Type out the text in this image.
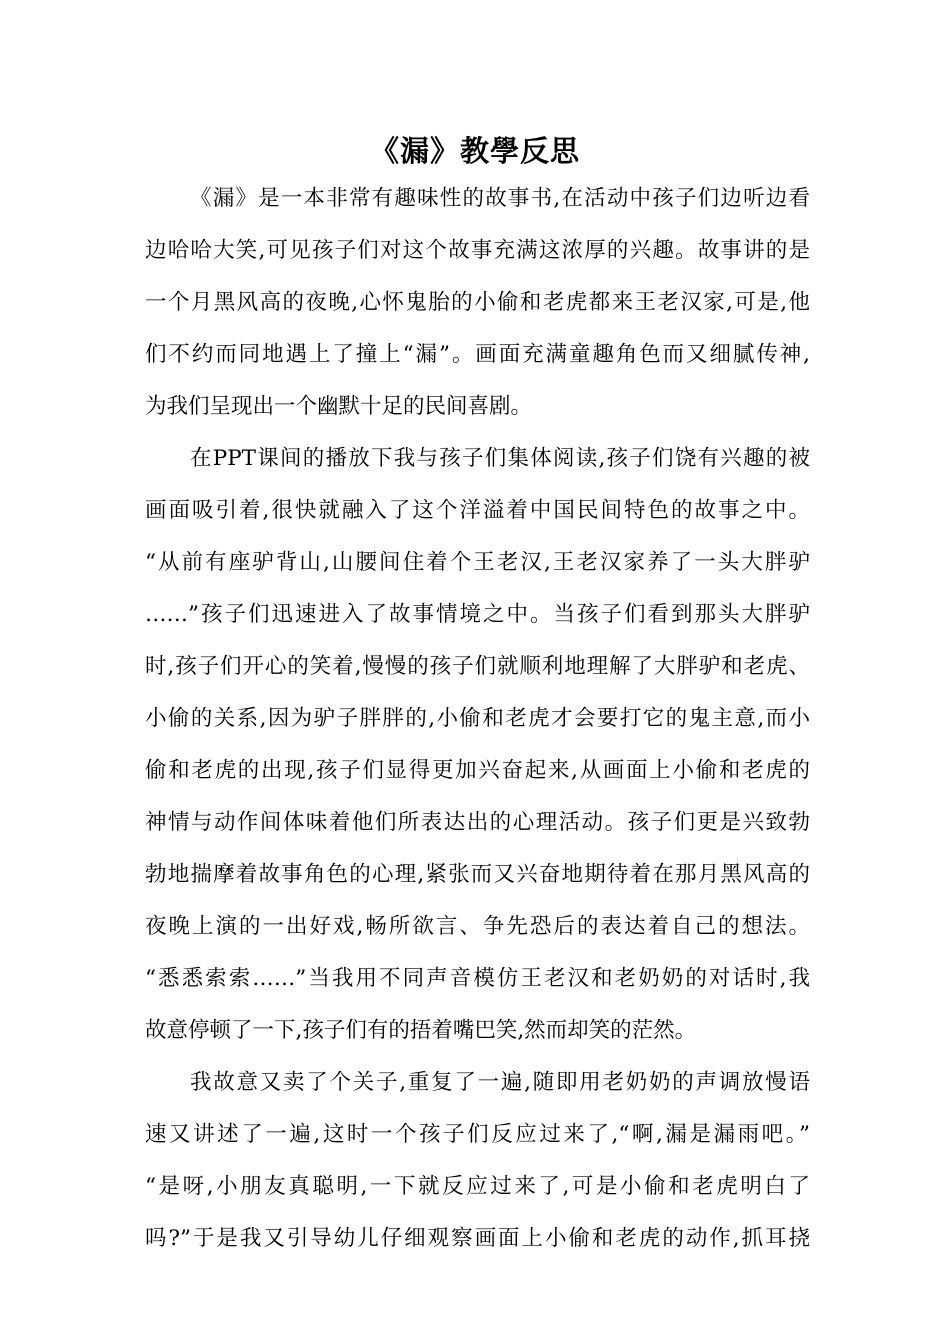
《漏》教學反思
《漏》是一本非常有趣味性的故事书,在活动中孩子们边听边看
边哈哈大笑,可见孩子们对这个故事充满这浓厚的兴趣。故事讲的是
一个月黑风高的夜晚,心怀鬼胎的小偷和老虎都来王老汉家,可是,他
们不约而同地遇上了撞上“漏”。画面充满童趣角色而又细腻传神,
为我们呈现出一个幽默十足的民间喜剧。
在PPT课间的播放下我与孩子们集体阅读,孩子们饶有兴趣的被
画面吸引着,很快就融入了这个洋溢着中国民间特色的故事之中。
“从前有座驴背山,山腰间住着个王老汉,王老汉家养了一头大胖驴
……”孩子们迅速进入了故事情境之中。当孩子们看到那头大胖驴
时,孩子们开心的笑着,慢慢的孩子们就顺利地理解了大胖驴和老虎、
小偷的关系,因为驴子胖胖的,小偷和老虎才会要打它的鬼主意,而小
偷和老虎的出现,孩子们显得更加兴奋起来,从画面上小偷和老虎的
神情与动作间体味着他们所表达出的心理活动。孩子们更是兴致勃
勃地揣摩着故事角色的心理,紧张而又兴奋地期待着在那月黑风高的
夜晚上演的一出好戏,畅所欲言、争先恐后的表达着自己的想法。
“悉悉索索……”当我用不同声音模仿王老汉和老奶奶的对话时,我
故意停顿了一下,孩子们有的捂着嘴巴笑,然而却笑的茫然。
我故意又卖了个关子,重复了一遍,随即用老奶奶的声调放慢语
速又讲述了一遍,这时一个孩子们反应过来了,“啊,漏是漏雨吧。”
“是呀,小朋友真聪明,一下就反应过来了,可是小偷和老虎明白了
吗?”于是我又引导幼儿仔细观察画面上小偷和老虎的动作,抓耳挠
